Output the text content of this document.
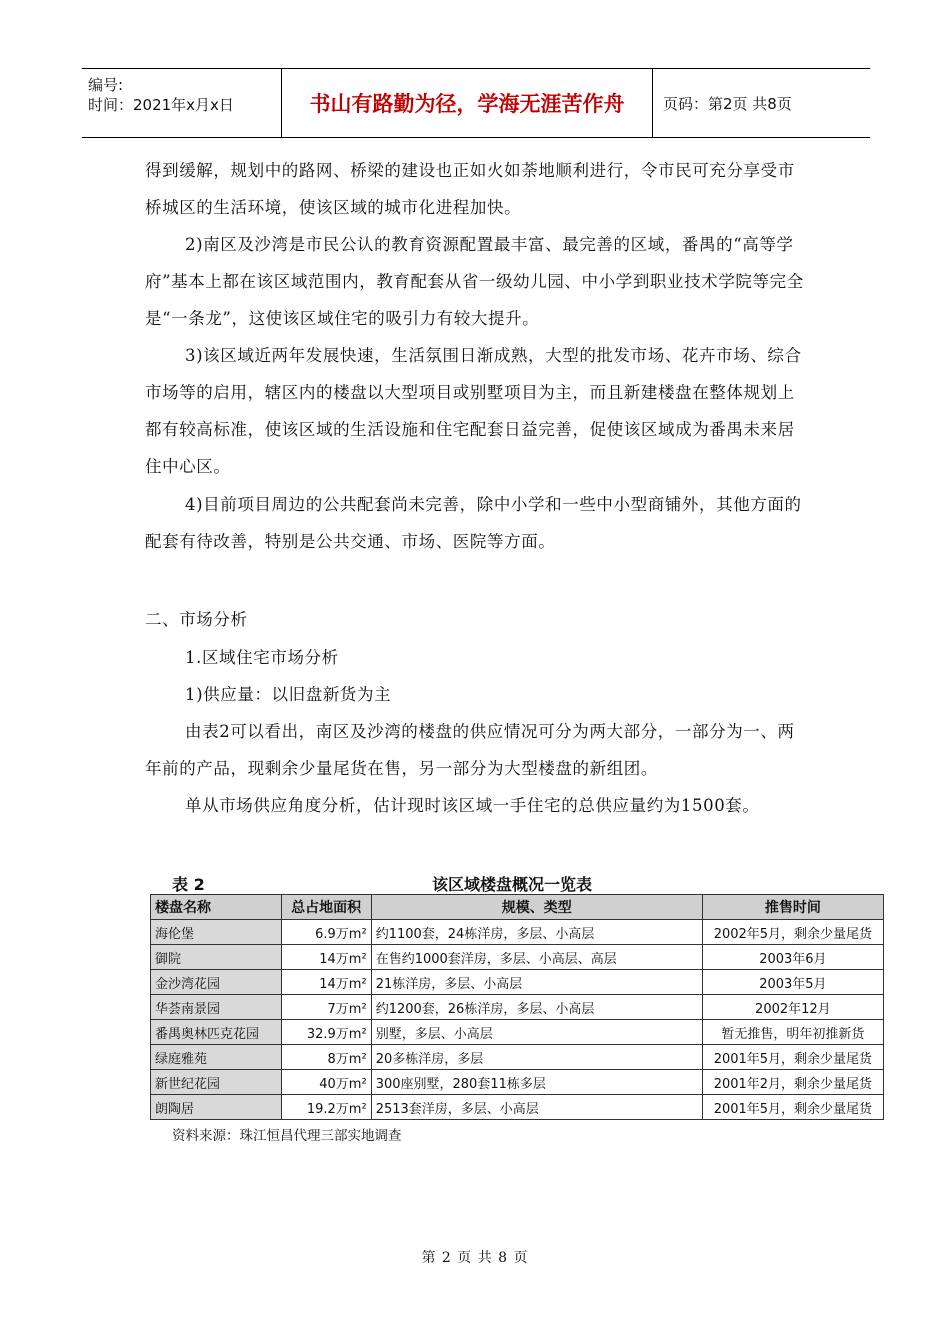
编号:
时间：2021年x月x日	书山有路勤为径，学海无涯苦作舟	页码：第2页 共8页
得到缓解，规划中的路网、桥梁的建设也正如火如荼地顺利进行，令市民可充分享受市桥城区的生活环境，使该区域的城市化进程加快。
2)南区及沙湾是市民公认的教育资源配置最丰富、最完善的区域，番禺的“高等学府”基本上都在该区域范围内，教育配套从省一级幼儿园、中小学到职业技术学院等完全是“一条龙”，这使该区域住宅的吸引力有较大提升。
3)该区域近两年发展快速，生活氛围日渐成熟，大型的批发市场、花卉市场、综合市场等的启用，辖区内的楼盘以大型项目或别墅项目为主，而且新建楼盘在整体规划上都有较高标准，使该区域的生活设施和住宅配套日益完善，促使该区域成为番禺未来居住中心区。
4)目前项目周边的公共配套尚未完善，除中小学和一些中小型商铺外，其他方面的配套有待改善，特别是公共交通、市场、医院等方面。
二、市场分析
1.区域住宅市场分析
1)供应量：以旧盘新货为主
由表2可以看出，南区及沙湾的楼盘的供应情况可分为两大部分，一部分为一、两年前的产品，现剩余少量尾货在售，另一部分为大型楼盘的新组团。
单从市场供应角度分析，估计现时该区域一手住宅的总供应量约为1500套。
表 2	该区域楼盘概况一览表
楼盘名称	总占地面积	规模、类型	推售时间
海伦堡	6.9万m²	约1100套，24栋洋房，多层、小高层	2002年5月，剩余少量尾货
御院	14万m²	在售约1000套洋房，多层、小高层、高层	2003年6月
金沙湾花园	14万m²	21栋洋房，多层、小高层	2003年5月
华荟南景园	7万m²	约1200套，26栋洋房，多层、小高层	2002年12月
番禺奥林匹克花园	32.9万m²	别墅，多层、小高层	暂无推售，明年初推新货
绿庭雅苑	8万m²	20多栋洋房，多层	2001年5月，剩余少量尾货
新世纪花园	40万m²	300座别墅，280套11栋多层	2001年2月，剩余少量尾货
朗陶居	19.2万m²	2513套洋房，多层、小高层	2001年5月，剩余少量尾货
资料来源：珠江恒昌代理三部实地调查
第 2 页 共 8 页
